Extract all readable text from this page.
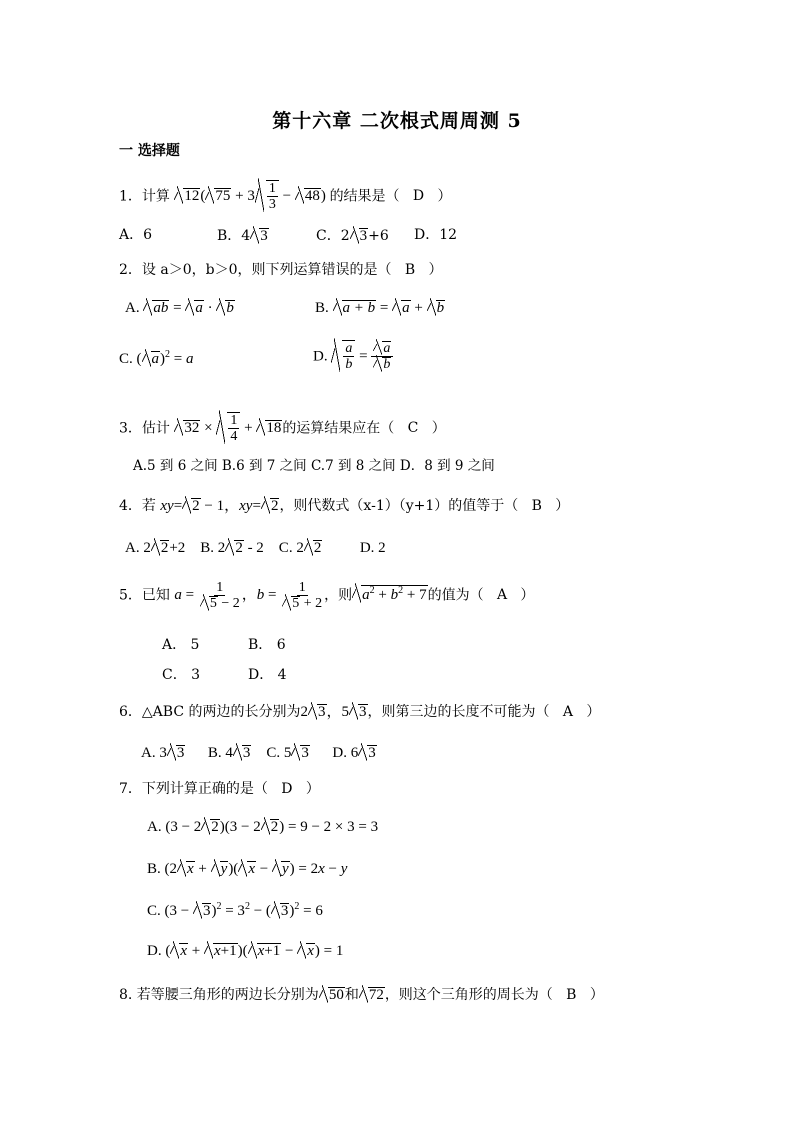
第十六章 二次根式周周测 5
一 选择题
1．计算 12( $75 + 3 \frac{1}{3} - 48$) 的结果是（ D ）
A．6	B．4 3	C．2 3+6 D．12
2．设 a＞0，b＞0，则下列运算错误的是（ B ）
A. ab = a · b	B. a + b = a + b
C. ( a)$^2$ = a	D. $\frac{a}{b} = \frac{a}{b}$
3．估计 $32 \times \frac{1}{4} + 18$的运算结果应在（ C ）
A.5 到 6 之间 B.6 到 7 之间 C.7 到 8 之间 D．8 到 9 之间
4．若 xy= 2 − 1，xy= 2，则代数式（x-1）（y+1）的值等于（ B ）
A. 2 2+2    B. 2 2 - 2    C. 2 2          D. 2
5．已知 $a = \frac{1}{5 - 2}$ ，$b = \frac{1}{5 + 2}$ ，则 $a^2 + b^2 + 7$的值为（ A ）
A． 5	B． 6
C． 3	D． 4
6．△ABC 的两边的长分别为2 3，5 3，则第三边的长度不可能为（ A ）
A. 3 3      B. 4 3    C. 5 3      D. 6 3
7．下列计算正确的是（ D ）
A. (3 − 2 2)(3 − 2 2) = 9 − 2 × 3 = 3
B. (2 x + y)( x − y) = 2x − y
C. $(3 - 3)^2 = 3^2$ − ( 3)$^2$ = 6
D. ( x + x+1)( x+1 − x) = 1
8. 若等腰三角形的两边长分别为 50和 72，则这个三角形的周长为（ B ）
